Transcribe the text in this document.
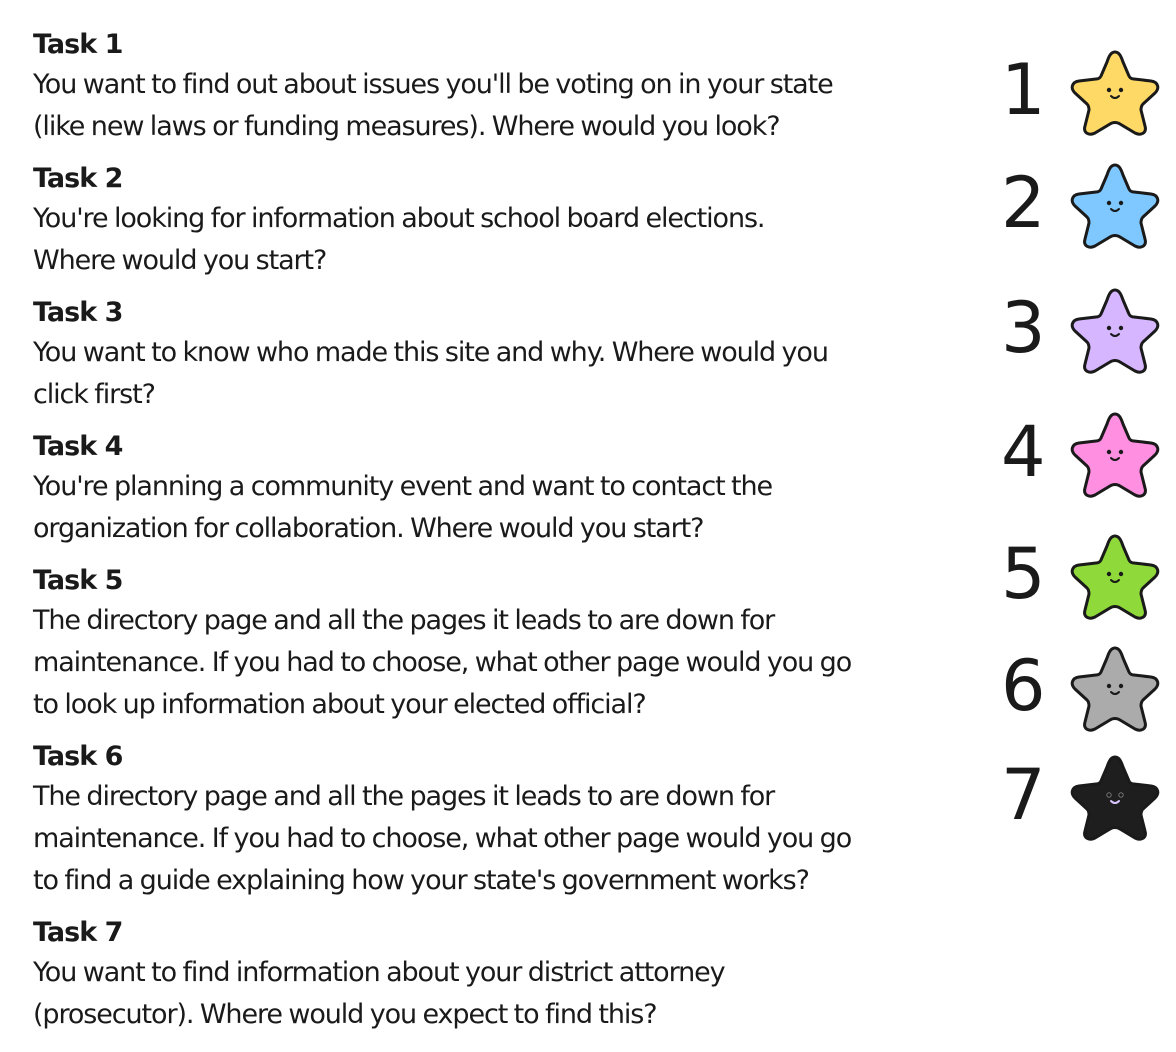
Task 1
You want to find out about issues you'll be voting on in your state
(like new laws or funding measures). Where would you look?
Task 2
You're looking for information about school board elections.
Where would you start?
Task 3
You want to know who made this site and why. Where would you
click first?
Task 4
You're planning a community event and want to contact the
organization for collaboration. Where would you start?
Task 5
The directory page and all the pages it leads to are down for
maintenance. If you had to choose, what other page would you go
to look up information about your elected official?
Task 6
The directory page and all the pages it leads to are down for
maintenance. If you had to choose, what other page would you go
to find a guide explaining how your state's government works?
Task 7
You want to find information about your district attorney
(prosecutor). Where would you expect to find this?
1
2
3
4
5
6
7
